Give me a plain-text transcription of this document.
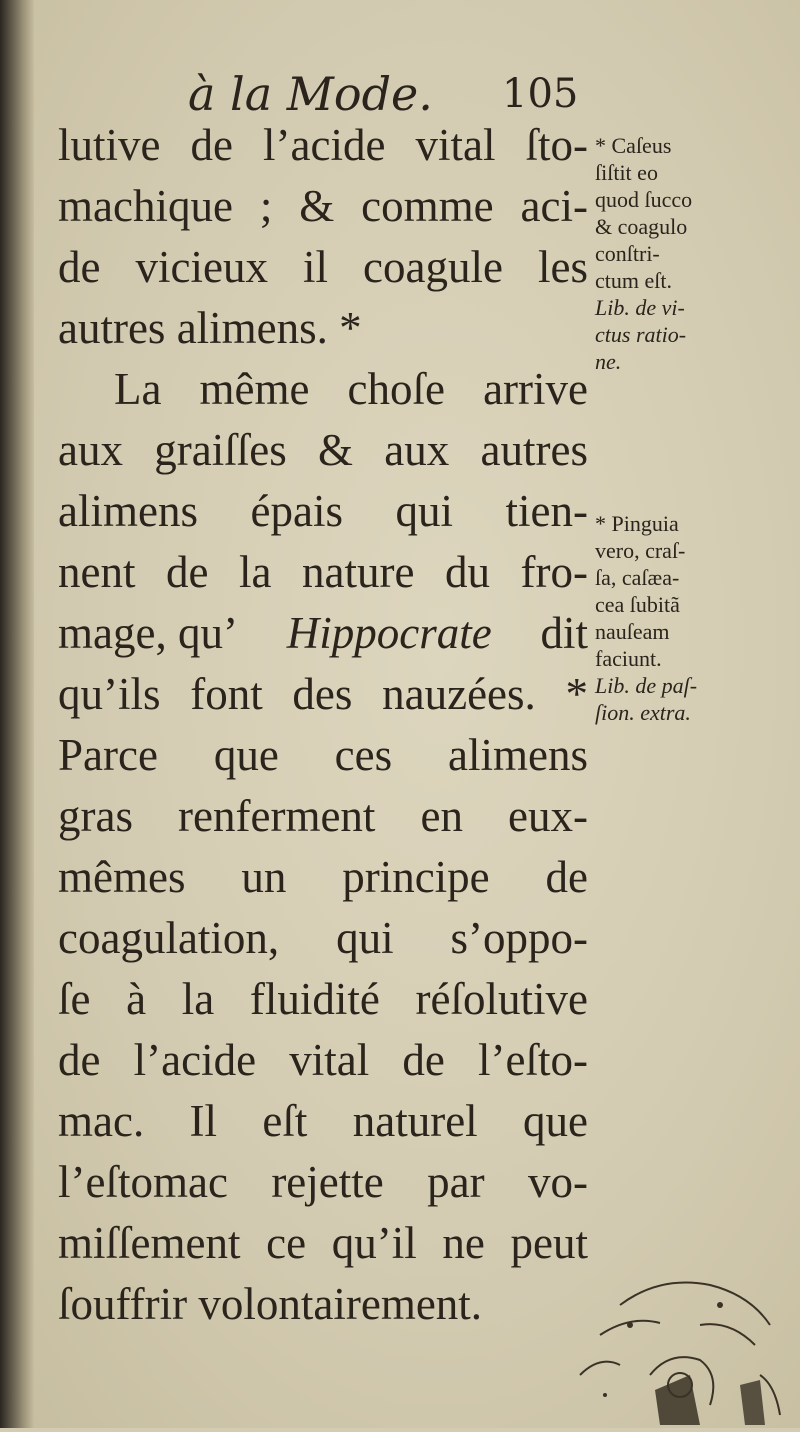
à la Mode. 105
lutive de l’acide vital ſto-
machique ; & comme aci-
de vicieux il coagule les
autres alimens. *
La même choſe arrive
aux graiſſes & aux autres
alimens épais qui tien-
nent de la nature du fro-
mage, qu’ Hippocrate dit
qu’ils font des nauzées. *
Parce que ces alimens
gras renferment en eux-
mêmes un principe de
coagulation, qui s’oppo-
ſe à la fluidité réſolutive
de l’acide vital de l’eſto-
mac. Il eſt naturel que
l’eſtomac rejette par vo-
miſſement ce qu’il ne peut
ſouffrir volontairement.
* Caſeus
ſiſtit eo
quod ſucco
& coagulo
conſtri-
ctum eſt.
Lib. de vi-
ctus ratio-
ne.
* Pinguia
vero, craſ-
ſa, caſæa-
cea ſubitã
nauſeam
faciunt.
Lib. de paſ-
ſion. extra.
